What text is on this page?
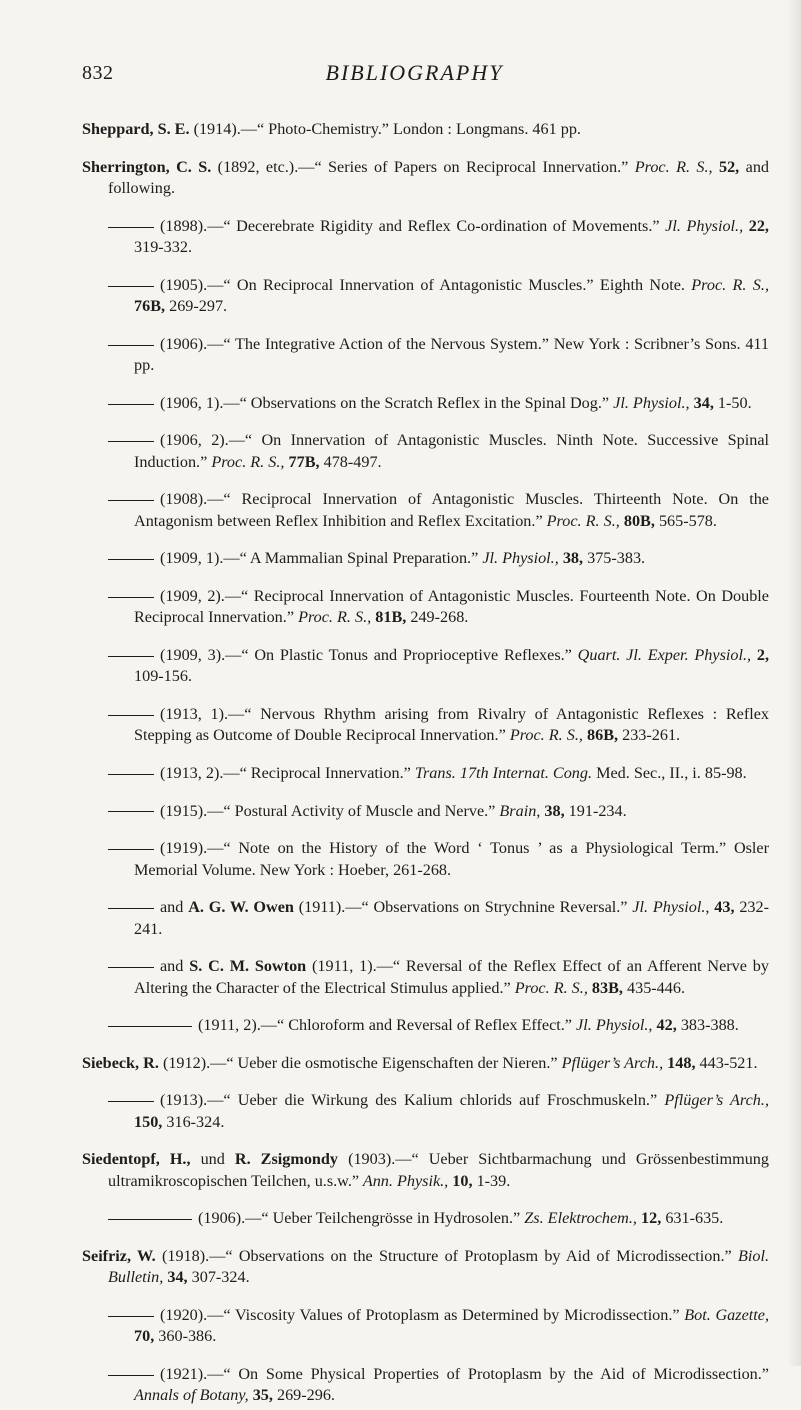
832	BIBLIOGRAPHY

Sheppard, S. E. (1914).—“ Photo-Chemistry.” London : Longmans. 461 pp.

Sherrington, C. S. (1892, etc.).—“ Series of Papers on Reciprocal Innervation.” Proc. R. S., 52, and following.

(1898).—“ Decerebrate Rigidity and Reflex Co-ordination of Movements.” Jl. Physiol., 22, 319-332.

(1905).—“ On Reciprocal Innervation of Antagonistic Muscles.” Eighth Note. Proc. R. S., 76B, 269-297.

(1906).—“ The Integrative Action of the Nervous System.” New York : Scribner’s Sons. 411 pp.

(1906, 1).—“ Observations on the Scratch Reflex in the Spinal Dog.” Jl. Physiol., 34, 1-50.

(1906, 2).—“ On Innervation of Antagonistic Muscles. Ninth Note. Successive Spinal Induction.” Proc. R. S., 77B, 478-497.

(1908).—“ Reciprocal Innervation of Antagonistic Muscles. Thirteenth Note. On the Antagonism between Reflex Inhibition and Reflex Excitation.” Proc. R. S., 80B, 565-578.

(1909, 1).—“ A Mammalian Spinal Preparation.” Jl. Physiol., 38, 375-383.

(1909, 2).—“ Reciprocal Innervation of Antagonistic Muscles. Fourteenth Note. On Double Reciprocal Innervation.” Proc. R. S., 81B, 249-268.

(1909, 3).—“ On Plastic Tonus and Proprioceptive Reflexes.” Quart. Jl. Exper. Physiol., 2, 109-156.

(1913, 1).—“ Nervous Rhythm arising from Rivalry of Antagonistic Reflexes : Reflex Stepping as Outcome of Double Reciprocal Innervation.” Proc. R. S., 86B, 233-261.

(1913, 2).—“ Reciprocal Innervation.” Trans. 17th Internat. Cong. Med. Sec., II., i. 85-98.

(1915).—“ Postural Activity of Muscle and Nerve.” Brain, 38, 191-234.

(1919).—“ Note on the History of the Word ‘ Tonus ’ as a Physiological Term.” Osler Memorial Volume. New York : Hoeber, 261-268.

and A. G. W. Owen (1911).—“ Observations on Strychnine Reversal.” Jl. Physiol., 43, 232-241.

and S. C. M. Sowton (1911, 1).—“ Reversal of the Reflex Effect of an Afferent Nerve by Altering the Character of the Electrical Stimulus applied.” Proc. R. S., 83B, 435-446.

(1911, 2).—“ Chloroform and Reversal of Reflex Effect.” Jl. Physiol., 42, 383-388.

Siebeck, R. (1912).—“ Ueber die osmotische Eigenschaften der Nieren.” Pflüger’s Arch., 148, 443-521.

(1913).—“ Ueber die Wirkung des Kalium chlorids auf Froschmuskeln.” Pflüger’s Arch., 150, 316-324.

Siedentopf, H., und R. Zsigmondy (1903).—“ Ueber Sichtbarmachung und Grössenbestimmung ultramikroscopischen Teilchen, u.s.w.” Ann. Physik., 10, 1-39.

(1906).—“ Ueber Teilchengrösse in Hydrosolen.” Zs. Elektrochem., 12, 631-635.

Seifriz, W. (1918).—“ Observations on the Structure of Protoplasm by Aid of Microdissection.” Biol. Bulletin, 34, 307-324.

(1920).—“ Viscosity Values of Protoplasm as Determined by Microdissection.” Bot. Gazette, 70, 360-386.

(1921).—“ On Some Physical Properties of Protoplasm by the Aid of Microdissection.” Annals of Botany, 35, 269-296.
